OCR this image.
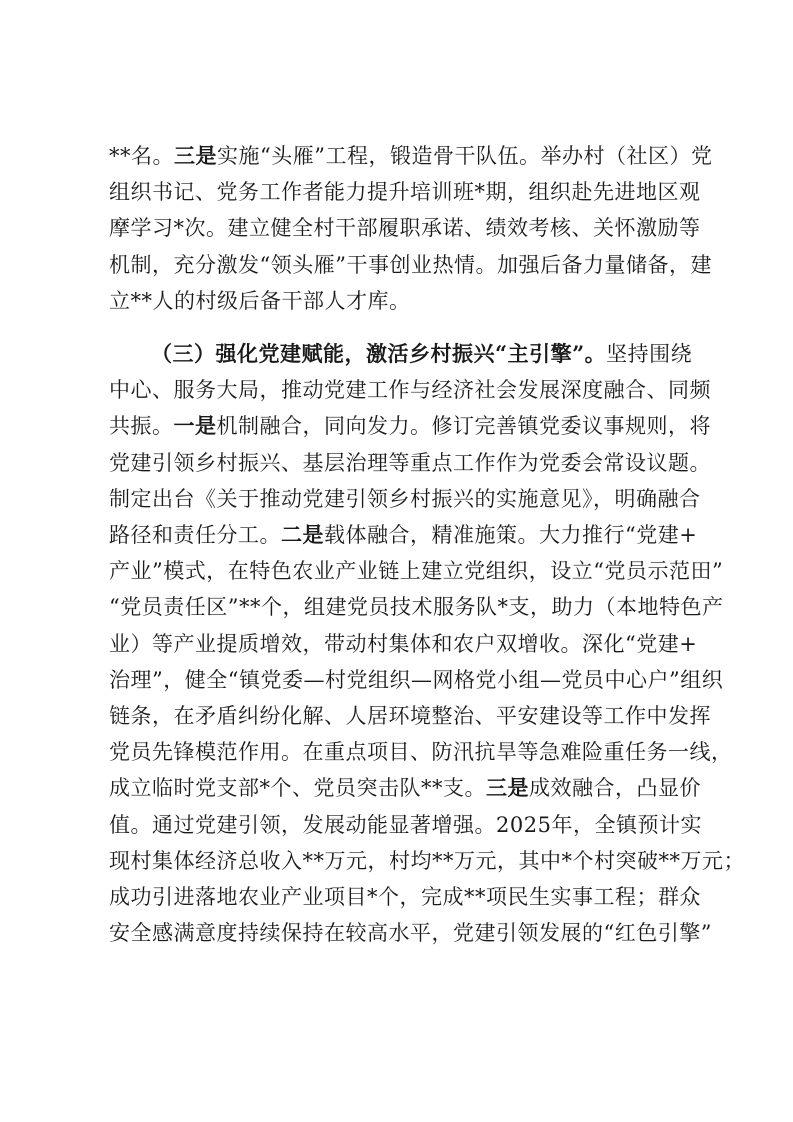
**名。三是实施“头雁”工程，锻造骨干队伍。举办村（社区）党
组织书记、党务工作者能力提升培训班*期，组织赴先进地区观
摩学习*次。建立健全村干部履职承诺、绩效考核、关怀激励等
机制，充分激发“领头雁”干事创业热情。加强后备力量储备，建
立**人的村级后备干部人才库。
（三）强化党建赋能，激活乡村振兴“主引擎”。坚持围绕
中心、服务大局，推动党建工作与经济社会发展深度融合、同频
共振。一是机制融合，同向发力。修订完善镇党委议事规则，将
党建引领乡村振兴、基层治理等重点工作作为党委会常设议题。
制定出台《关于推动党建引领乡村振兴的实施意见》，明确融合
路径和责任分工。二是载体融合，精准施策。大力推行“党建+
产业”模式，在特色农业产业链上建立党组织，设立“党员示范田”
“党员责任区”**个，组建党员技术服务队*支，助力（本地特色产
业）等产业提质增效，带动村集体和农户双增收。深化“党建+
治理”，健全“镇党委—村党组织—网格党小组—党员中心户”组织
链条，在矛盾纠纷化解、人居环境整治、平安建设等工作中发挥
党员先锋模范作用。在重点项目、防汛抗旱等急难险重任务一线，
成立临时党支部*个、党员突击队**支。三是成效融合，凸显价
值。通过党建引领，发展动能显著增强。2025年，全镇预计实
现村集体经济总收入**万元，村均**万元，其中*个村突破**万元；
成功引进落地农业产业项目*个，完成**项民生实事工程；群众
安全感满意度持续保持在较高水平，党建引领发展的“红色引擎”
